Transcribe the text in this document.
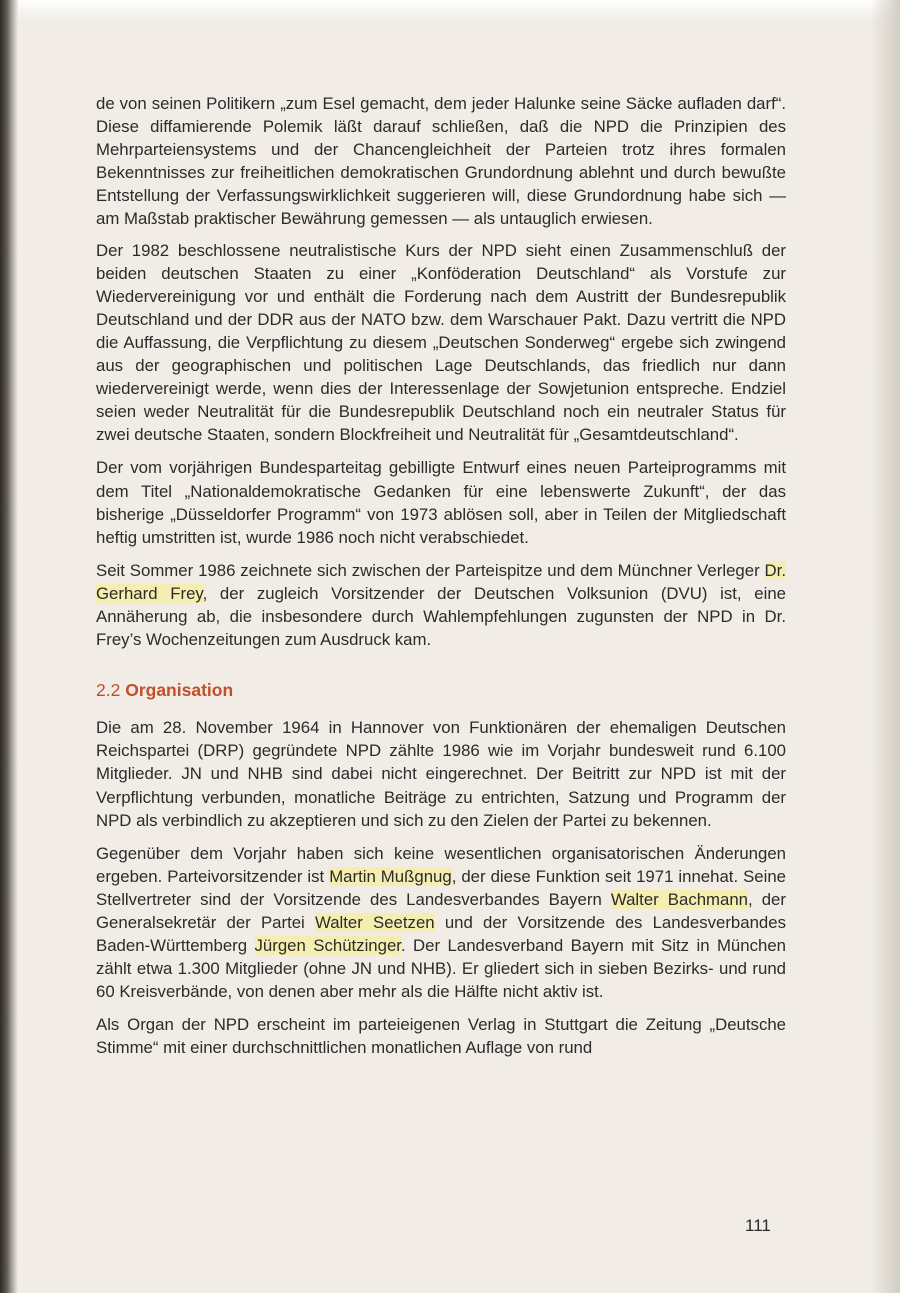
de von seinen Politikern „zum Esel gemacht, dem jeder Halunke seine Säcke aufladen darf“. Diese diffamierende Polemik läßt darauf schließen, daß die NPD die Prinzipien des Mehrparteiensystems und der Chancengleichheit der Parteien trotz ihres formalen Bekenntnisses zur freiheitlichen demokratischen Grundordnung ablehnt und durch bewußte Entstellung der Verfassungswirklichkeit suggerieren will, diese Grundordnung habe sich — am Maßstab praktischer Bewährung gemessen — als untauglich erwiesen.

Der 1982 beschlossene neutralistische Kurs der NPD sieht einen Zusammenschluß der beiden deutschen Staaten zu einer „Konföderation Deutschland“ als Vorstufe zur Wiedervereinigung vor und enthält die Forderung nach dem Austritt der Bundesrepublik Deutschland und der DDR aus der NATO bzw. dem Warschauer Pakt. Dazu vertritt die NPD die Auffassung, die Verpflichtung zu diesem „Deutschen Sonderweg“ ergebe sich zwingend aus der geographischen und politischen Lage Deutschlands, das friedlich nur dann wiedervereinigt werde, wenn dies der Interessenlage der Sowjetunion entspreche. Endziel seien weder Neutralität für die Bundesrepublik Deutschland noch ein neutraler Status für zwei deutsche Staaten, sondern Blockfreiheit und Neutralität für „Gesamtdeutschland“.

Der vom vorjährigen Bundesparteitag gebilligte Entwurf eines neuen Parteiprogramms mit dem Titel „Nationaldemokratische Gedanken für eine lebenswerte Zukunft“, der das bisherige „Düsseldorfer Programm“ von 1973 ablösen soll, aber in Teilen der Mitgliedschaft heftig umstritten ist, wurde 1986 noch nicht verabschiedet.

Seit Sommer 1986 zeichnete sich zwischen der Parteispitze und dem Münchner Verleger Dr. Gerhard Frey, der zugleich Vorsitzender der Deutschen Volksunion (DVU) ist, eine Annäherung ab, die insbesondere durch Wahlempfehlungen zugunsten der NPD in Dr. Frey’s Wochenzeitungen zum Ausdruck kam.

2.2 Organisation

Die am 28. November 1964 in Hannover von Funktionären der ehemaligen Deutschen Reichspartei (DRP) gegründete NPD zählte 1986 wie im Vorjahr bundesweit rund 6.100 Mitglieder. JN und NHB sind dabei nicht eingerechnet. Der Beitritt zur NPD ist mit der Verpflichtung verbunden, monatliche Beiträge zu entrichten, Satzung und Programm der NPD als verbindlich zu akzeptieren und sich zu den Zielen der Partei zu bekennen.

Gegenüber dem Vorjahr haben sich keine wesentlichen organisatorischen Änderungen ergeben. Parteivorsitzender ist Martin Mußgnug, der diese Funktion seit 1971 innehat. Seine Stellvertreter sind der Vorsitzende des Landesverbandes Bayern Walter Bachmann, der Generalsekretär der Partei Walter Seetzen und der Vorsitzende des Landesverbandes Baden-Württemberg Jürgen Schützinger. Der Landesverband Bayern mit Sitz in München zählt etwa 1.300 Mitglieder (ohne JN und NHB). Er gliedert sich in sieben Bezirks- und rund 60 Kreisverbände, von denen aber mehr als die Hälfte nicht aktiv ist.

Als Organ der NPD erscheint im parteieigenen Verlag in Stuttgart die Zeitung „Deutsche Stimme“ mit einer durchschnittlichen monatlichen Auflage von rund

111
